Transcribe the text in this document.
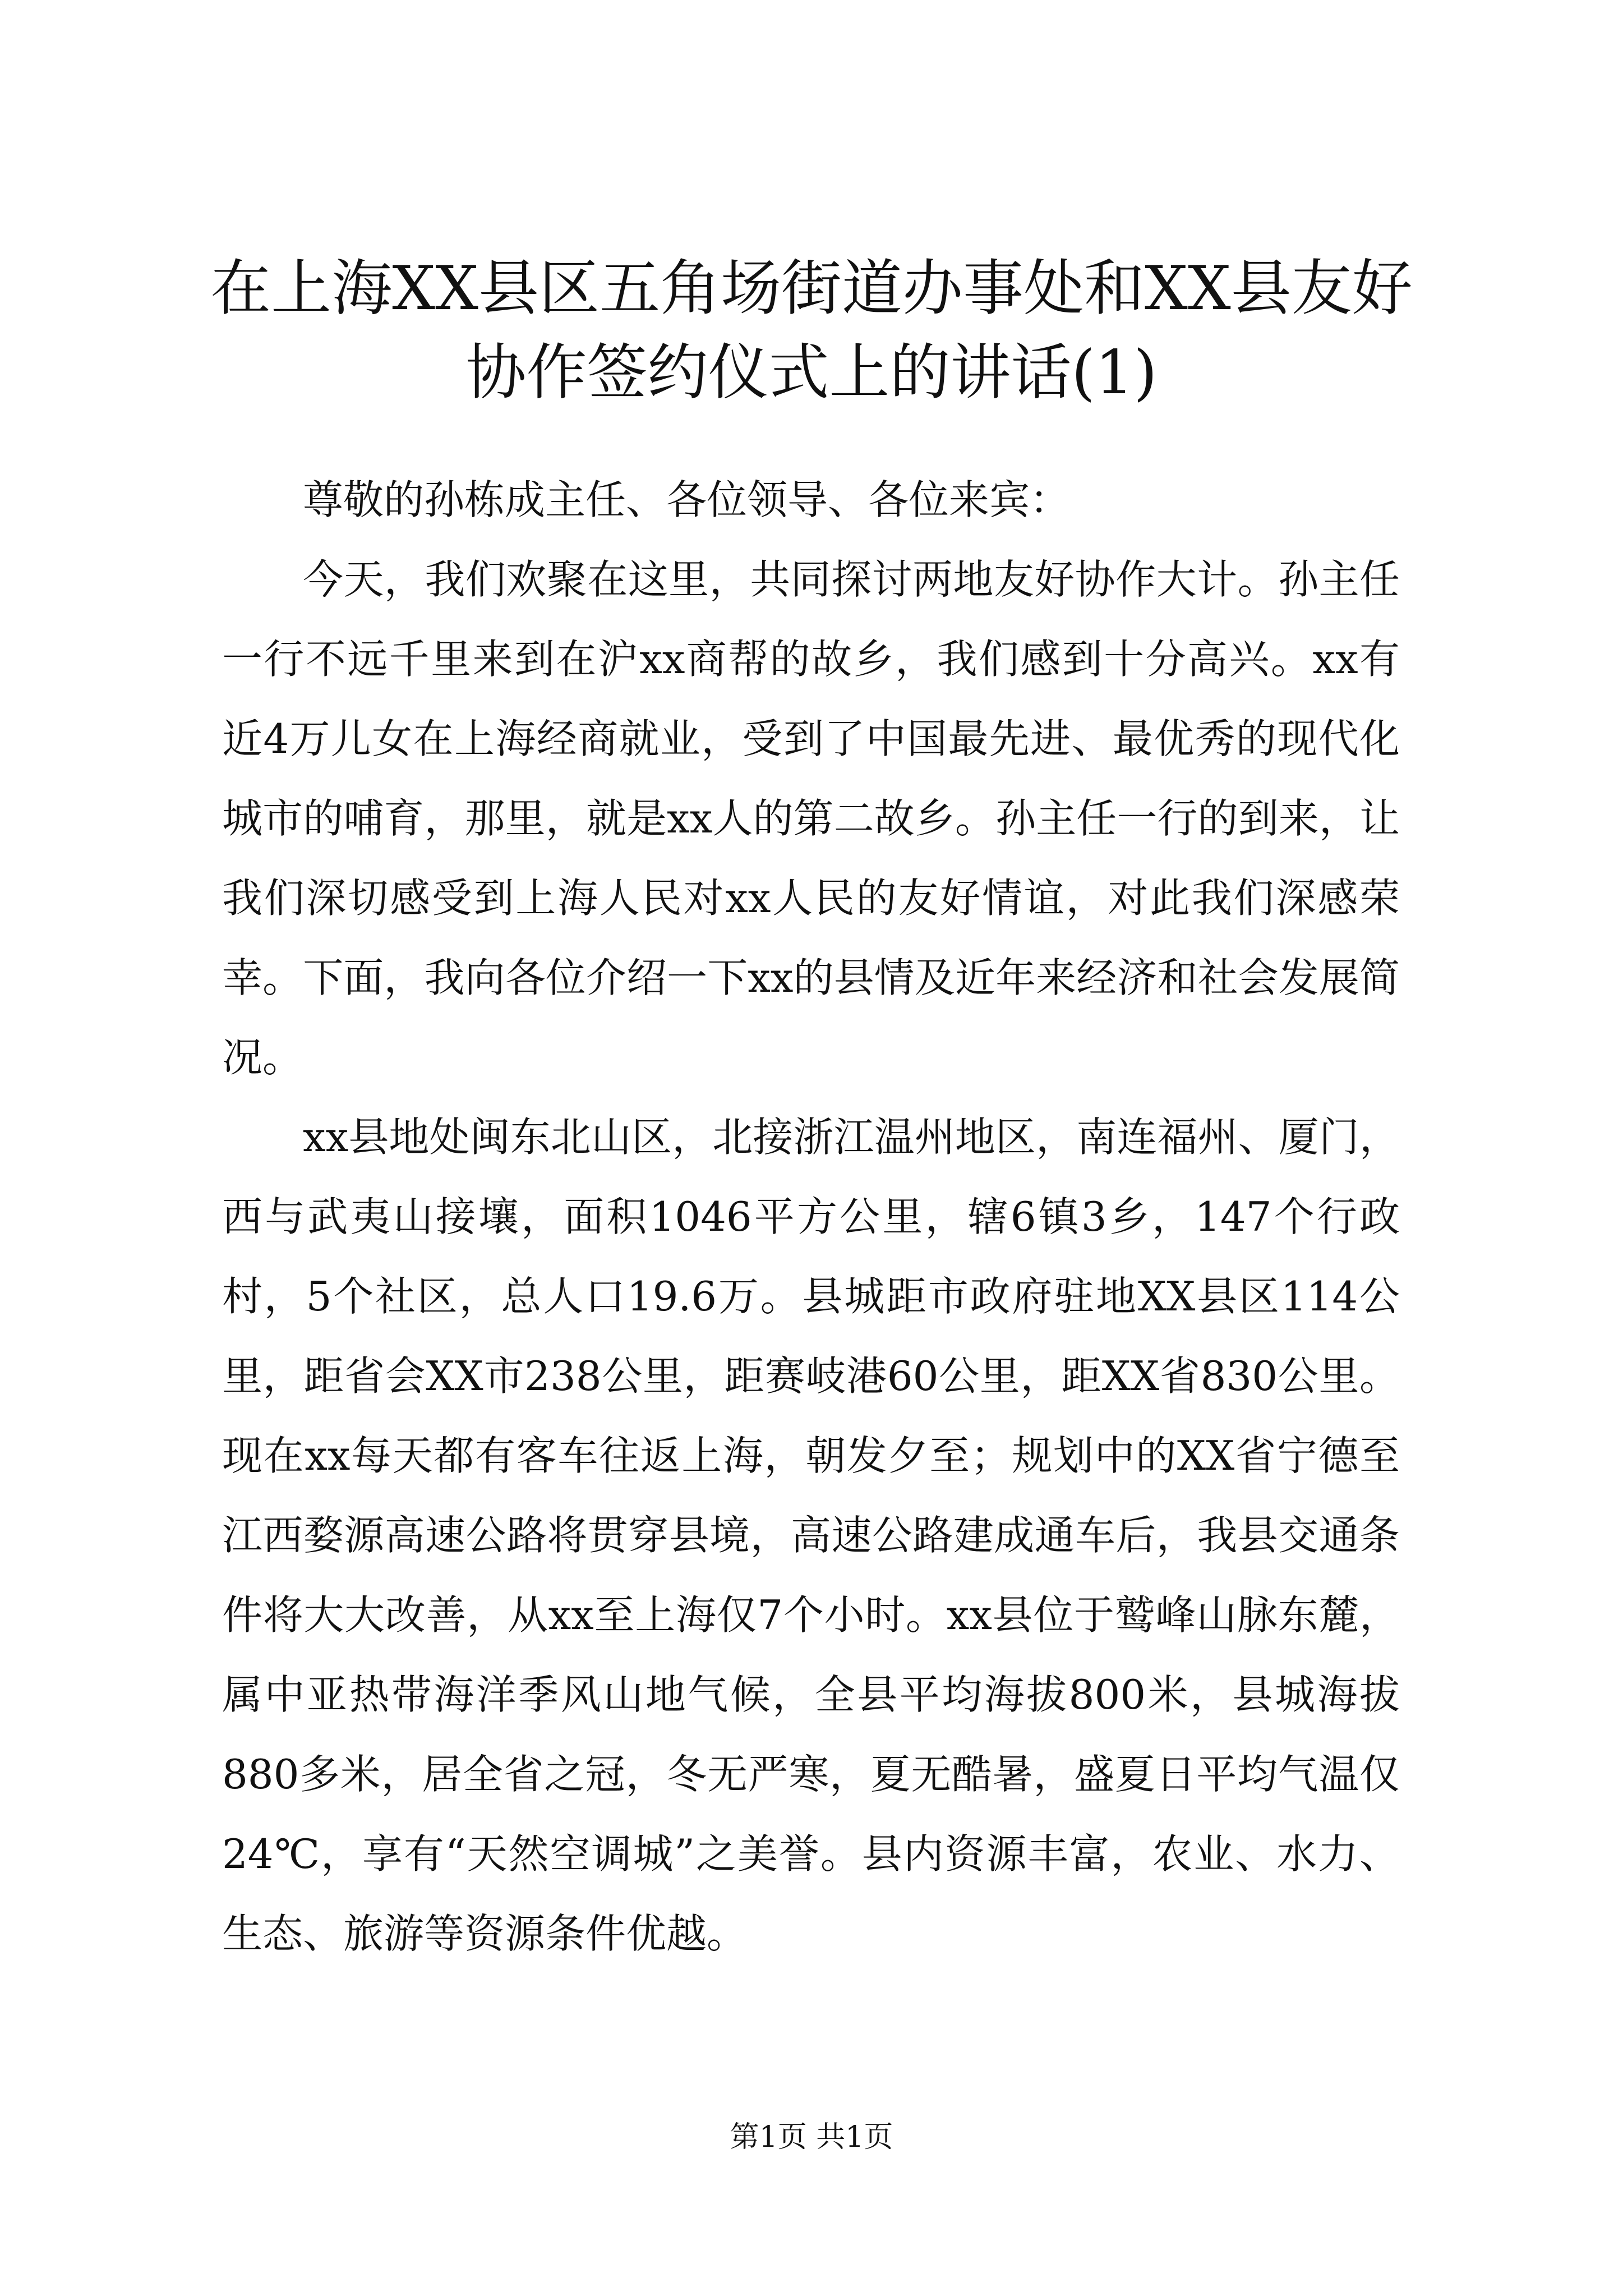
在上海XX县区五角场街道办事处和XX县友好协作签约仪式上的讲话(1)

尊敬的孙栋成主任、各位领导、各位来宾：

今天，我们欢聚在这里，共同探讨两地友好协作大计。孙主任一行不远千里来到在沪xx商帮的故乡，我们感到十分高兴。xx有近4万儿女在上海经商就业，受到了中国最先进、最优秀的现代化城市的哺育，那里，就是xx人的第二故乡。孙主任一行的到来，让我们深切感受到上海人民对xx人民的友好情谊，对此我们深感荣幸。下面，我向各位介绍一下xx的县情及近年来经济和社会发展简况。

xx县地处闽东北山区，北接浙江温州地区，南连福州、厦门，西与武夷山接壤，面积1046平方公里，辖6镇3乡，147个行政村，5个社区，总人口19.6万。县城距市政府驻地XX县区114公里，距省会XX市238公里，距赛岐港60公里，距XX省830公里。现在xx每天都有客车往返上海，朝发夕至；规划中的XX省宁德至江西婺源高速公路将贯穿县境，高速公路建成通车后，我县交通条件将大大改善，从xx至上海仅7个小时。xx县位于鹫峰山脉东麓，属中亚热带海洋季风山地气候，全县平均海拔800米，县城海拔880多米，居全省之冠，冬无严寒，夏无酷暑，盛夏日平均气温仅24℃，享有“天然空调城”之美誉。县内资源丰富，农业、水力、生态、旅游等资源条件优越。

第1页 共1页
